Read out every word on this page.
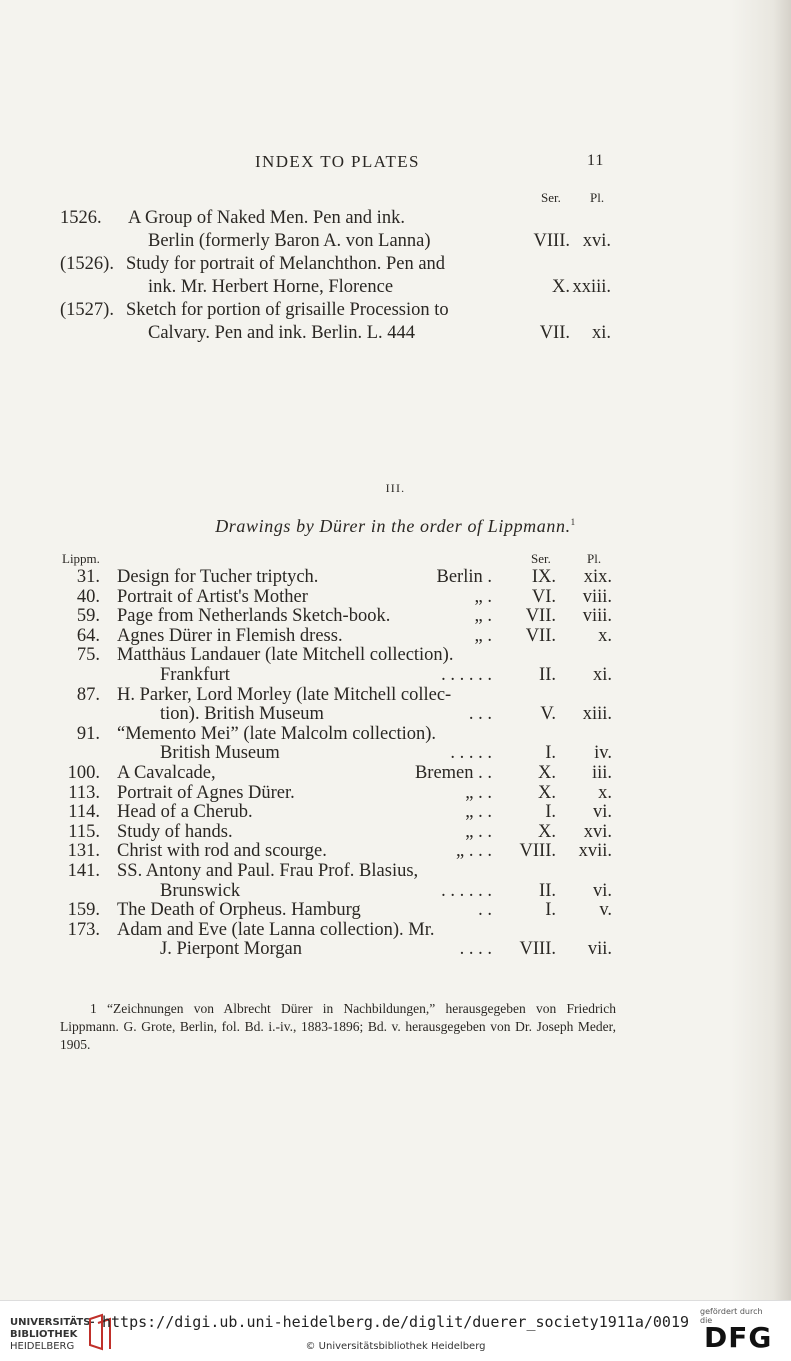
INDEX TO PLATES	11
Ser. Pl.
1526. A Group of Naked Men. Pen and ink.
Berlin (formerly Baron A. von Lanna)	VIII. xvi.
(1526). Study for portrait of Melanchthon. Pen and
ink. Mr. Herbert Horne, Florence	X. xxiii.
(1527). Sketch for portion of grisaille Procession to
Calvary. Pen and ink. Berlin. L. 444	VII.	xi.
III.
Drawings by Dürer in the order of Lippmann.$^1$
Lippm.	Ser.	Pl.
31. Design for Tucher triptych.	Berlin .	IX.	xix.
40. Portrait of Artist's Mother	„ .	VI.	viii.
59. Page from Netherlands Sketch-book.	„ .	VII.	viii.
64. Agnes Dürer in Flemish dress.	„ .	VII.	x.
75. Matthäus Landauer (late Mitchell collection).
Frankfurt	. . . . . .	II.	xi.
87. H. Parker, Lord Morley (late Mitchell collec-
tion). British Museum	. . .	V.	xiii.
91. “Memento Mei” (late Malcolm collection).
British Museum	. . . . .	I.	iv.
100. A Cavalcade,	Bremen . .	X.	iii.
113. Portrait of Agnes Dürer.	„ . .	X.	x.
114. Head of a Cherub.	„ . .	I.	vi.
115. Study of hands.	„ . .	X.	xvi.
131. Christ with rod and scourge.	„ . . .	VIII.	xvii.
141. SS. Antony and Paul. Frau Prof. Blasius,
Brunswick	. . . . . .	II.	vi.
159. The Death of Orpheus. Hamburg	. .	I.	v.
173. Adam and Eve (late Lanna collection). Mr.
J. Pierpont Morgan	. . . .	VIII.	vii.

1 “Zeichnungen von Albrecht Dürer in Nachbildungen,” herausgegeben von Friedrich Lippmann. G. Grote, Berlin, fol. Bd. i.-iv., 1883-1896; Bd. v. herausgegeben von Dr. Joseph Meder, 1905.

UNIVERSITÄTS-
BIBLIOTHEK
HEIDELBERG
https://digi.ub.uni-heidelberg.de/diglit/duerer_society1911a/0019
© Universitätsbibliothek Heidelberg
gefördert durch die
DFG
